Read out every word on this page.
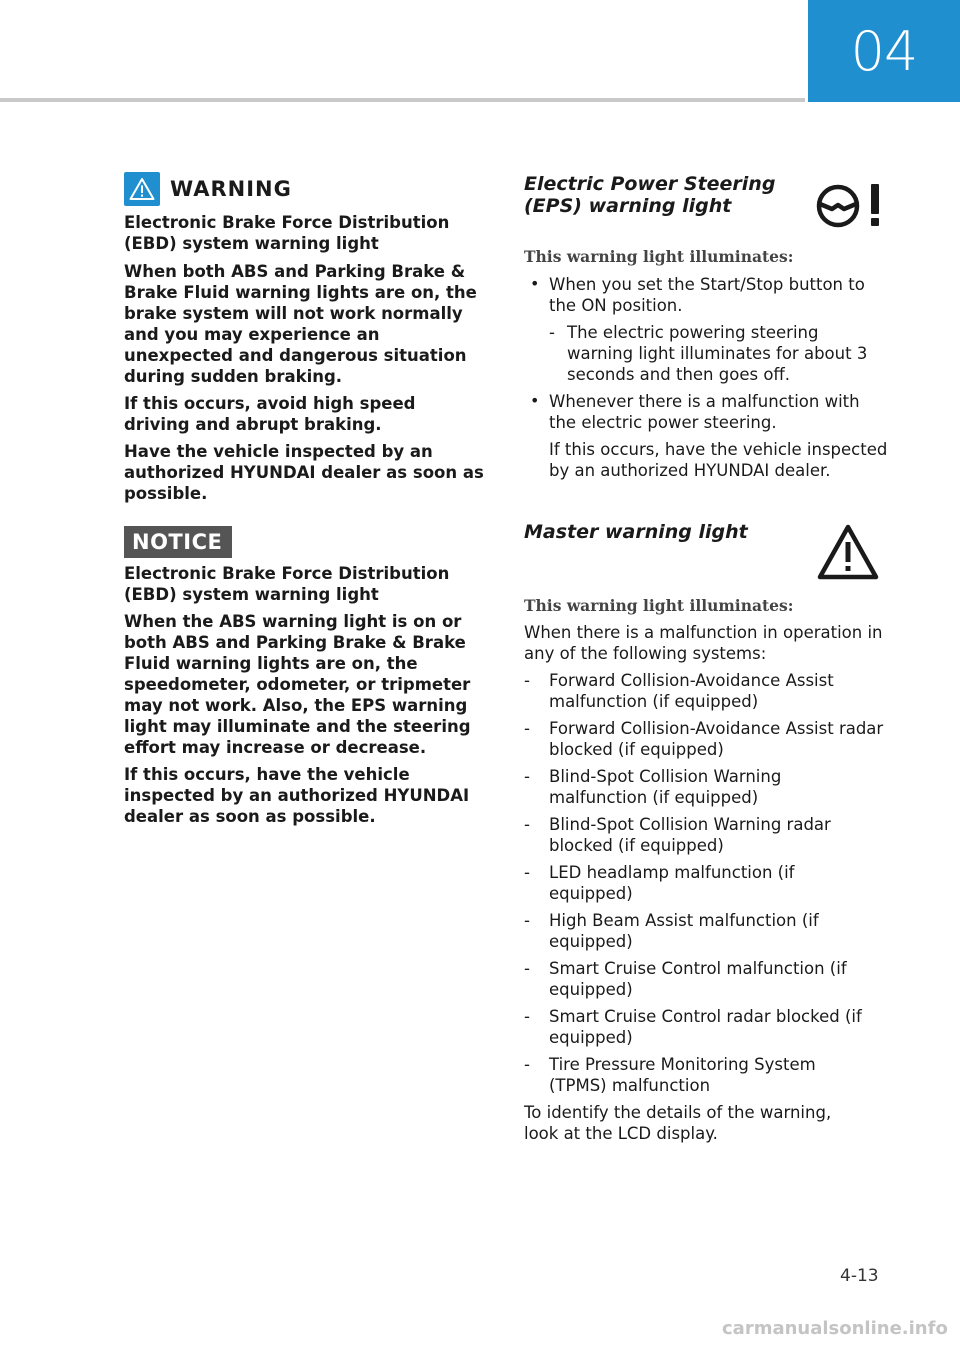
04
WARNING

Electronic Brake Force Distribution (EBD) system warning light

When both ABS and Parking Brake & Brake Fluid warning lights are on, the brake system will not work normally and you may experience an unexpected and dangerous situation during sudden braking.

If this occurs, avoid high speed driving and abrupt braking.

Have the vehicle inspected by an authorized HYUNDAI dealer as soon as possible.

NOTICE

Electronic Brake Force Distribution (EBD) system warning light

When the ABS warning light is on or both ABS and Parking Brake & Brake Fluid warning lights are on, the speedometer, odometer, or tripmeter may not work. Also, the EPS warning light may illuminate and the steering effort may increase or decrease.

If this occurs, have the vehicle inspected by an authorized HYUNDAI dealer as soon as possible.

Electric Power Steering (EPS) warning light

This warning light illuminates:

• When you set the Start/Stop button to the ON position.

- The electric powering steering warning light illuminates for about 3 seconds and then goes off.

• Whenever there is a malfunction with the electric power steering.

If this occurs, have the vehicle inspected by an authorized HYUNDAI dealer.

Master warning light

This warning light illuminates:

When there is a malfunction in operation in any of the following systems:

- Forward Collision-Avoidance Assist malfunction (if equipped)

- Forward Collision-Avoidance Assist radar blocked (if equipped)

- Blind-Spot Collision Warning malfunction (if equipped)

- Blind-Spot Collision Warning radar blocked (if equipped)

- LED headlamp malfunction (if equipped)

- High Beam Assist malfunction (if equipped)

- Smart Cruise Control malfunction (if equipped)

- Smart Cruise Control radar blocked (if equipped)

- Tire Pressure Monitoring System (TPMS) malfunction

To identify the details of the warning, look at the LCD display.

4-13
carmanualsonline.info
